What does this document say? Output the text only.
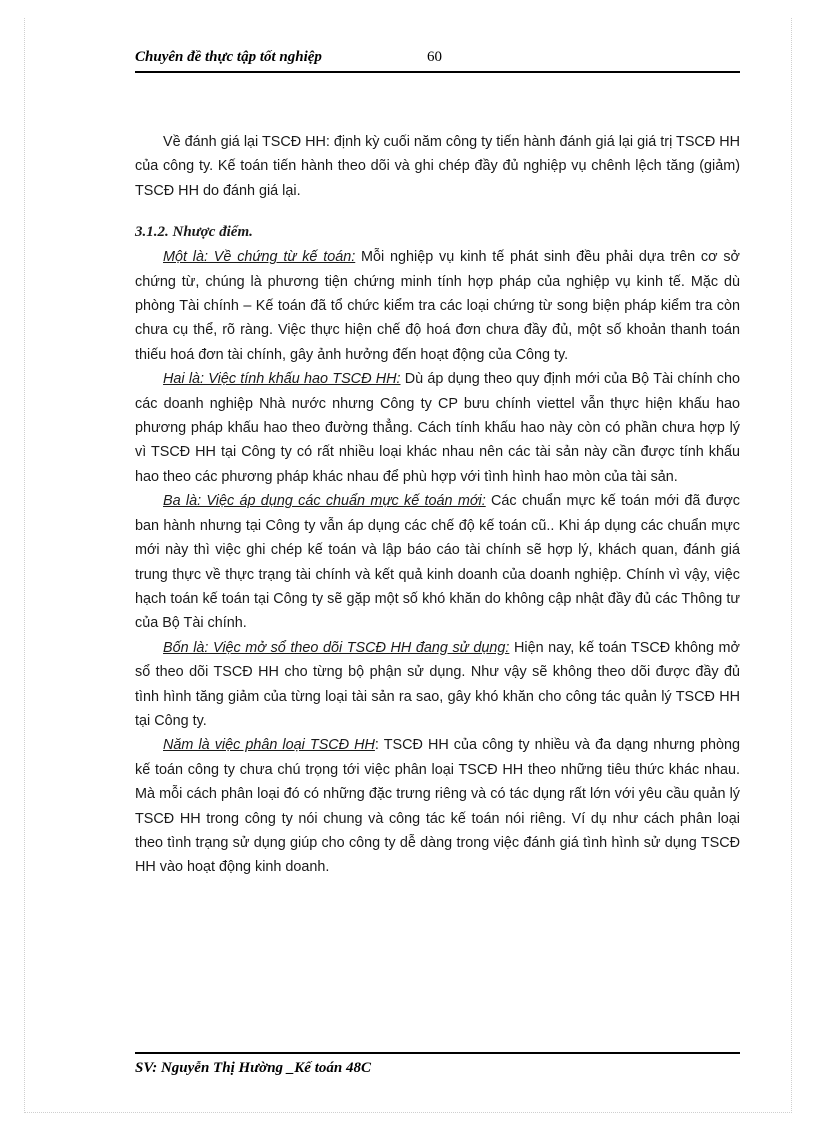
Chuyên đề thực tập tốt nghiệp	60

Về đánh giá lại TSCĐ HH: định kỳ cuối năm công ty tiến hành đánh giá lại giá trị TSCĐ HH của công ty. Kế toán tiến hành theo dõi và ghi chép đầy đủ nghiệp vụ chênh lệch tăng (giảm) TSCĐ HH do đánh giá lại.

3.1.2. Nhược điểm.

Một là: Về chứng từ kế toán: Mỗi nghiệp vụ kinh tế phát sinh đều phải dựa trên cơ sở chứng từ, chúng là phương tiện chứng minh tính hợp pháp của nghiệp vụ kinh tế. Mặc dù phòng Tài chính – Kế toán đã tổ chức kiểm tra các loại chứng từ song biện pháp kiểm tra còn chưa cụ thể, rõ ràng. Việc thực hiện chế độ hoá đơn chưa đầy đủ, một số khoản thanh toán thiếu hoá đơn tài chính, gây ảnh hưởng đến hoạt động của Công ty.

Hai là: Việc tính khấu hao TSCĐ HH: Dù áp dụng theo quy định mới của Bộ Tài chính cho các doanh nghiệp Nhà nước nhưng Công ty CP bưu chính viettel vẫn thực hiện khấu hao phương pháp khấu hao theo đường thẳng. Cách tính khấu hao này còn có phần chưa hợp lý vì TSCĐ HH tại Công ty có rất nhiều loại khác nhau nên các tài sản này cần được tính khấu hao theo các phương pháp khác nhau để phù hợp với tình hình hao mòn của tài sản.

Ba là: Việc áp dụng các chuẩn mực kế toán mới: Các chuẩn mực kế toán mới đã được ban hành nhưng tại Công ty vẫn áp dụng các chế độ kế toán cũ.. Khi áp dụng các chuẩn mực mới này thì việc ghi chép kế toán và lập báo cáo tài chính sẽ hợp lý, khách quan, đánh giá trung thực về thực trạng tài chính và kết quả kinh doanh của doanh nghiệp. Chính vì vậy, việc hạch toán kế toán tại Công ty sẽ gặp một số khó khăn do không cập nhật đầy đủ các Thông tư của Bộ Tài chính.

Bốn là: Việc mở sổ theo dõi TSCĐ HH đang sử dụng: Hiện nay, kế toán TSCĐ không mở sổ theo dõi TSCĐ HH cho từng bộ phận sử dụng. Như vậy sẽ không theo dõi được đầy đủ tình hình tăng giảm của từng loại tài sản ra sao, gây khó khăn cho công tác quản lý TSCĐ HH tại Công ty.

Năm là việc phân loại TSCĐ HH: TSCĐ HH của công ty nhiều và đa dạng nhưng phòng kế toán công ty chưa chú trọng tới việc phân loại TSCĐ HH theo những tiêu thức khác nhau. Mà mỗi cách phân loại đó có những đặc trưng riêng và có tác dụng rất lớn với yêu cầu quản lý TSCĐ HH trong công ty nói chung và công tác kế toán nói riêng. Ví dụ như cách phân loại theo tình trạng sử dụng giúp cho công ty dễ dàng trong việc đánh giá tình hình sử dụng TSCĐ HH vào hoạt động kinh doanh.

SV: Nguyễn Thị Hường _Kế toán 48C
